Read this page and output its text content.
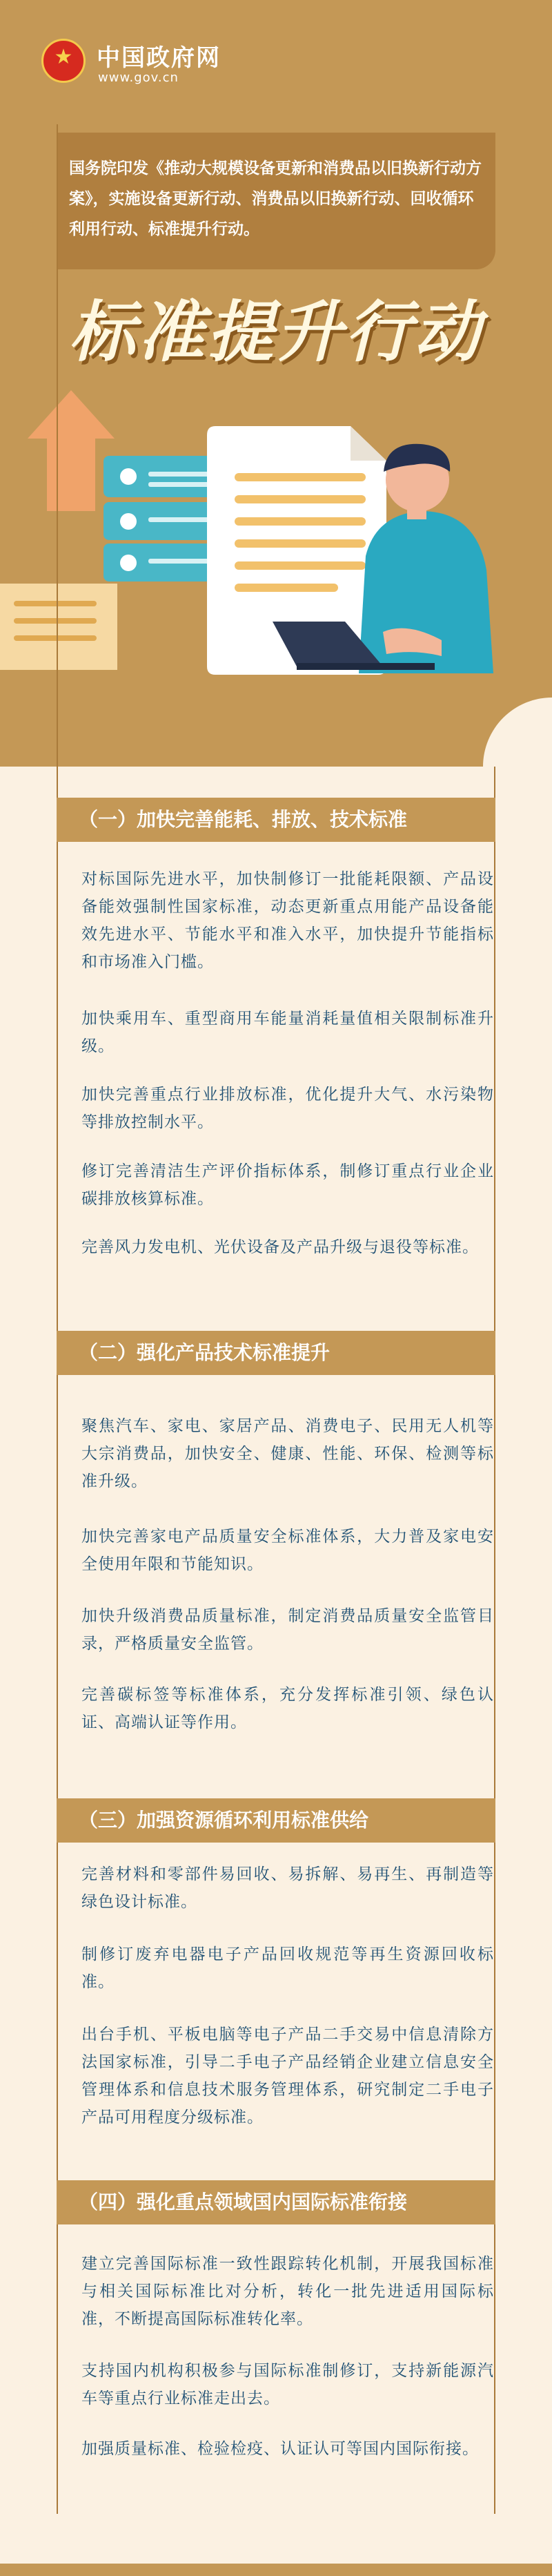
★	中国政府网
www.gov.cn

国务院印发《推动大规模设备更新和消费品以旧换新行动方案》，实施设备更新行动、消费品以旧换新行动、回收循环利用行动、标准提升行动。

标准提升行动
（一）加快完善能耗、排放、技术标准

对标国际先进水平，加快制修订一批能耗限额、产品设备能效强制性国家标准，动态更新重点用能产品设备能效先进水平、节能水平和准入水平，加快提升节能指标和市场准入门槛。

加快乘用车、重型商用车能量消耗量值相关限制标准升级。

加快完善重点行业排放标准，优化提升大气、水污染物等排放控制水平。

修订完善清洁生产评价指标体系，制修订重点行业企业碳排放核算标准。

完善风力发电机、光伏设备及产品升级与退役等标准。

（二）强化产品技术标准提升

聚焦汽车、家电、家居产品、消费电子、民用无人机等大宗消费品，加快安全、健康、性能、环保、检测等标准升级。

加快完善家电产品质量安全标准体系，大力普及家电安全使用年限和节能知识。

加快升级消费品质量标准，制定消费品质量安全监管目录，严格质量安全监管。

完善碳标签等标准体系，充分发挥标准引领、绿色认证、高端认证等作用。

（三）加强资源循环利用标准供给

完善材料和零部件易回收、易拆解、易再生、再制造等绿色设计标准。

制修订废弃电器电子产品回收规范等再生资源回收标准。

出台手机、平板电脑等电子产品二手交易中信息清除方法国家标准，引导二手电子产品经销企业建立信息安全管理体系和信息技术服务管理体系，研究制定二手电子产品可用程度分级标准。

（四）强化重点领域国内国际标准衔接

建立完善国际标准一致性跟踪转化机制，开展我国标准与相关国际标准比对分析，转化一批先进适用国际标准，不断提高国际标准转化率。

支持国内机构积极参与国际标准制修订，支持新能源汽车等重点行业标准走出去。

加强质量标准、检验检疫、认证认可等国内国际衔接。
